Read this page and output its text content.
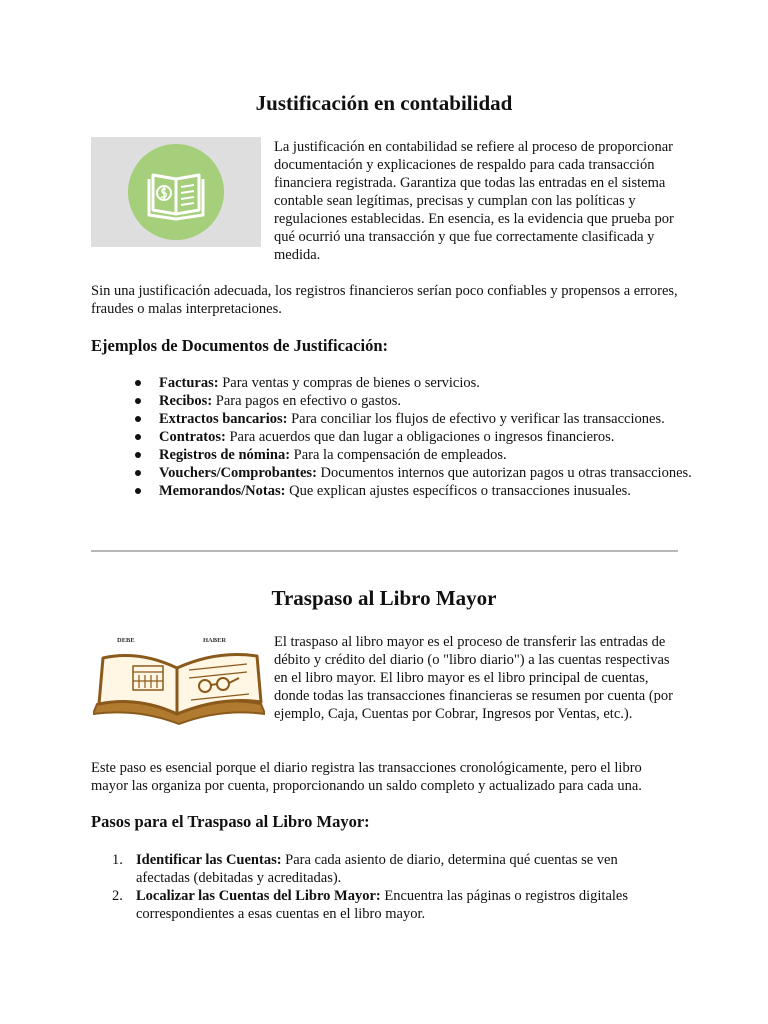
Justificación en contabilidad

La justificación en contabilidad se refiere al proceso de proporcionar documentación y explicaciones de respaldo para cada transacción financiera registrada. Garantiza que todas las entradas en el sistema contable sean legítimas, precisas y cumplan con las políticas y regulaciones establecidas. En esencia, es la evidencia que prueba por qué ocurrió una transacción y que fue correctamente clasificada y medida.

Sin una justificación adecuada, los registros financieros serían poco confiables y propensos a errores, fraudes o malas interpretaciones.

Ejemplos de Documentos de Justificación:
Facturas: Para ventas y compras de bienes o servicios.
Recibos: Para pagos en efectivo o gastos.
Extractos bancarios: Para conciliar los flujos de efectivo y verificar las transacciones.
Contratos: Para acuerdos que dan lugar a obligaciones o ingresos financieros.
Registros de nómina: Para la compensación de empleados.
Vouchers/Comprobantes: Documentos internos que autorizan pagos u otras transacciones.
Memorandos/Notas: Que explican ajustes específicos o transacciones inusuales.
Traspaso al Libro Mayor
DEBE	HABER	El traspaso al libro mayor es el proceso de transferir las entradas de débito y crédito del diario (o "libro diario") a las cuentas respectivas en el libro mayor. El libro mayor es el libro principal de cuentas, donde todas las transacciones financieras se resumen por cuenta (por ejemplo, Caja, Cuentas por Cobrar, Ingresos por Ventas, etc.).

Este paso es esencial porque el diario registra las transacciones cronológicamente, pero el libro mayor las organiza por cuenta, proporcionando un saldo completo y actualizado para cada una.

Pasos para el Traspaso al Libro Mayor:
1. Identificar las Cuentas: Para cada asiento de diario, determina qué cuentas se ven afectadas (debitadas y acreditadas).
2. Localizar las Cuentas del Libro Mayor: Encuentra las páginas o registros digitales correspondientes a esas cuentas en el libro mayor.
